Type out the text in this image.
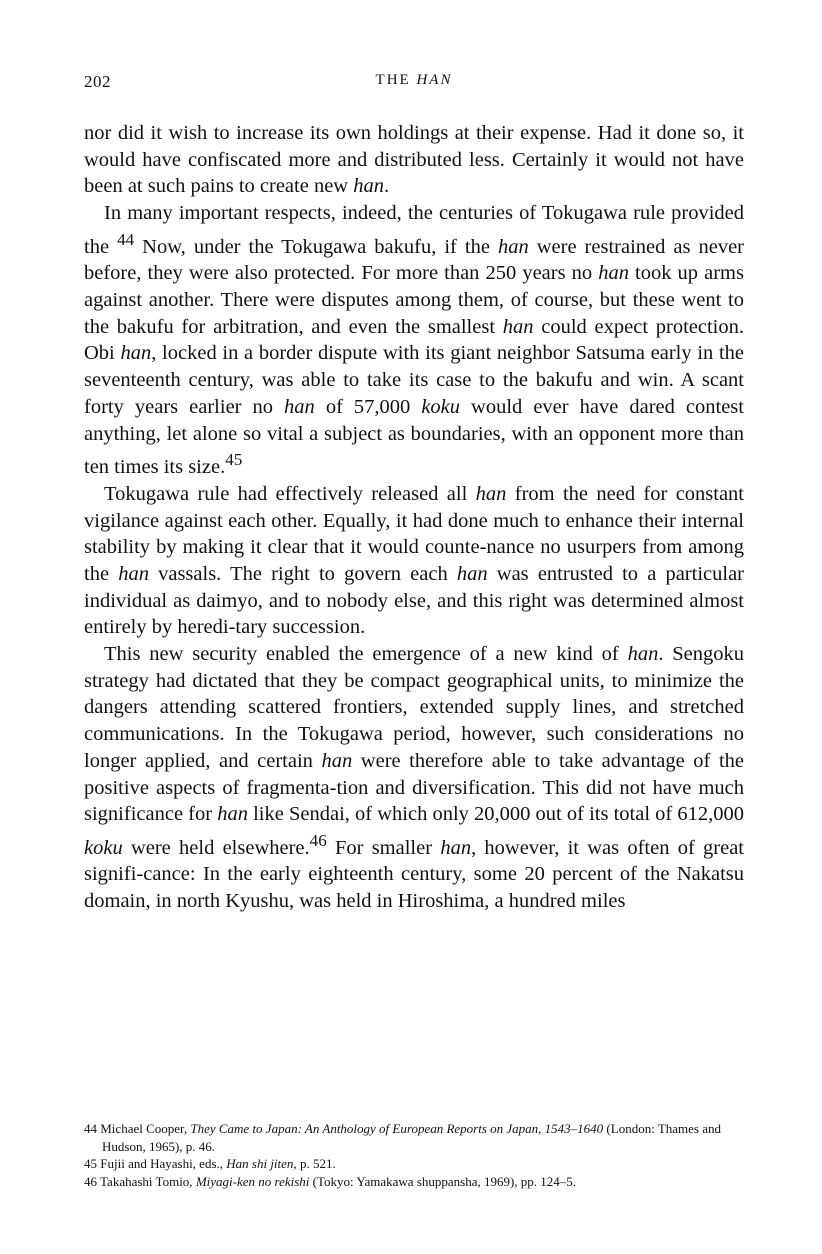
202	THE HAN

nor did it wish to increase its own holdings at their expense. Had it done so, it would have confiscated more and distributed less. Certainly it would not have been at such pains to create new han.

In many important respects, indeed, the centuries of Tokugawa rule provided the $^{44}$ Now, under the Tokugawa bakufu, if the han were restrained as never before, they were also protected. For more than 250 years no han took up arms against another. There were disputes among them, of course, but these went to the bakufu for arbitration, and even the smallest han could expect protection. Obi han, locked in a border dispute with its giant neighbor Satsuma early in the seventeenth century, was able to take its case to the bakufu and win. A scant forty years earlier no han of 57,000 koku would ever have dared contest anything, let alone so vital a subject as boundaries, with an opponent more than ten times its size.$^{45}$

Tokugawa rule had effectively released all han from the need for constant vigilance against each other. Equally, it had done much to enhance their internal stability by making it clear that it would counte-nance no usurpers from among the han vassals. The right to govern each han was entrusted to a particular individual as daimyo, and to nobody else, and this right was determined almost entirely by heredi-tary succession.

This new security enabled the emergence of a new kind of han. Sengoku strategy had dictated that they be compact geographical units, to minimize the dangers attending scattered frontiers, extended supply lines, and stretched communications. In the Tokugawa period, however, such considerations no longer applied, and certain han were therefore able to take advantage of the positive aspects of fragmenta-tion and diversification. This did not have much significance for han like Sendai, of which only 20,000 out of its total of 612,000 koku were held elsewhere.$^{46}$ For smaller han, however, it was often of great signifi-cance: In the early eighteenth century, some 20 percent of the Nakatsu domain, in north Kyushu, was held in Hiroshima, a hundred miles

44 Michael Cooper, They Came to Japan: An Anthology of European Reports on Japan, 1543–1640 (London: Thames and Hudson, 1965), p. 46.

45 Fujii and Hayashi, eds., Han shi jiten, p. 521.

46 Takahashi Tomio, Miyagi-ken no rekishi (Tokyo: Yamakawa shuppansha, 1969), pp. 124–5.
